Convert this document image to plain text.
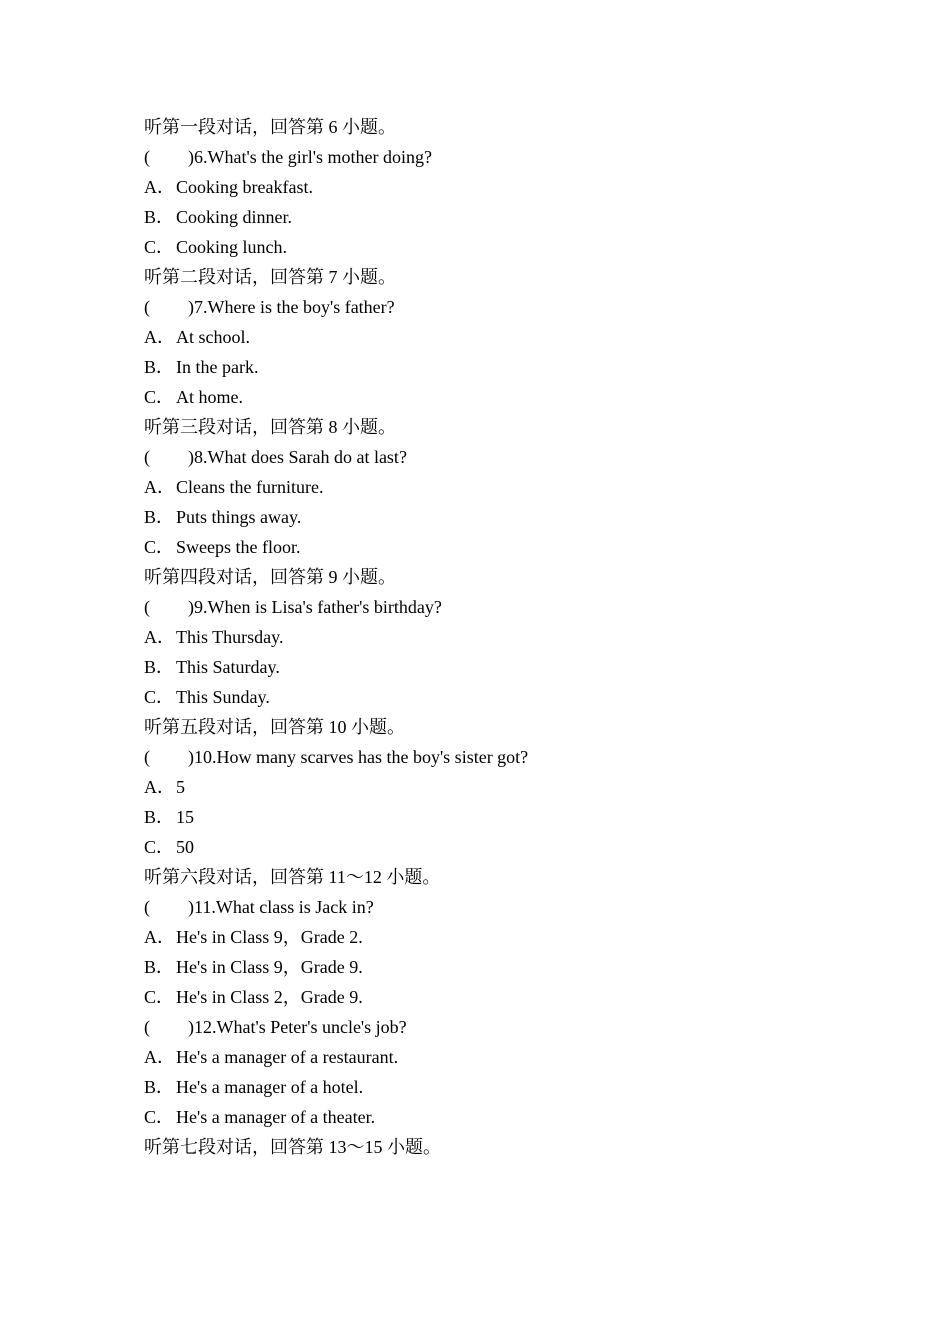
听第一段对话，回答第 6 小题。
( )6.What's the girl's mother doing?
A．Cooking breakfast.
B． Cooking dinner.
C． Cooking lunch.
听第二段对话，回答第 7 小题。
( )7.Where is the boy's father?
A．At school.
B． In the park.
C． At home.
听第三段对话，回答第 8 小题。
( )8.What does Sarah do at last?
A．Cleans the furniture.
B． Puts things away.
C． Sweeps the floor.
听第四段对话，回答第 9 小题。
( )9.When is Lisa's father's birthday?
A．This Thursday.
B． This Saturday.
C． This Sunday.
听第五段对话，回答第 10 小题。
( )10.How many scarves has the boy's sister got?
A．5
B． 15
C． 50
听第六段对话，回答第 11～12 小题。
( )11.What class is Jack in?
A．He's in Class 9，Grade 2.
B． He's in Class 9，Grade 9.
C． He's in Class 2，Grade 9.
( )12.What's Peter's uncle's job?
A．He's a manager of a restaurant.
B． He's a manager of a hotel.
C． He's a manager of a theater.
听第七段对话，回答第 13～15 小题。
